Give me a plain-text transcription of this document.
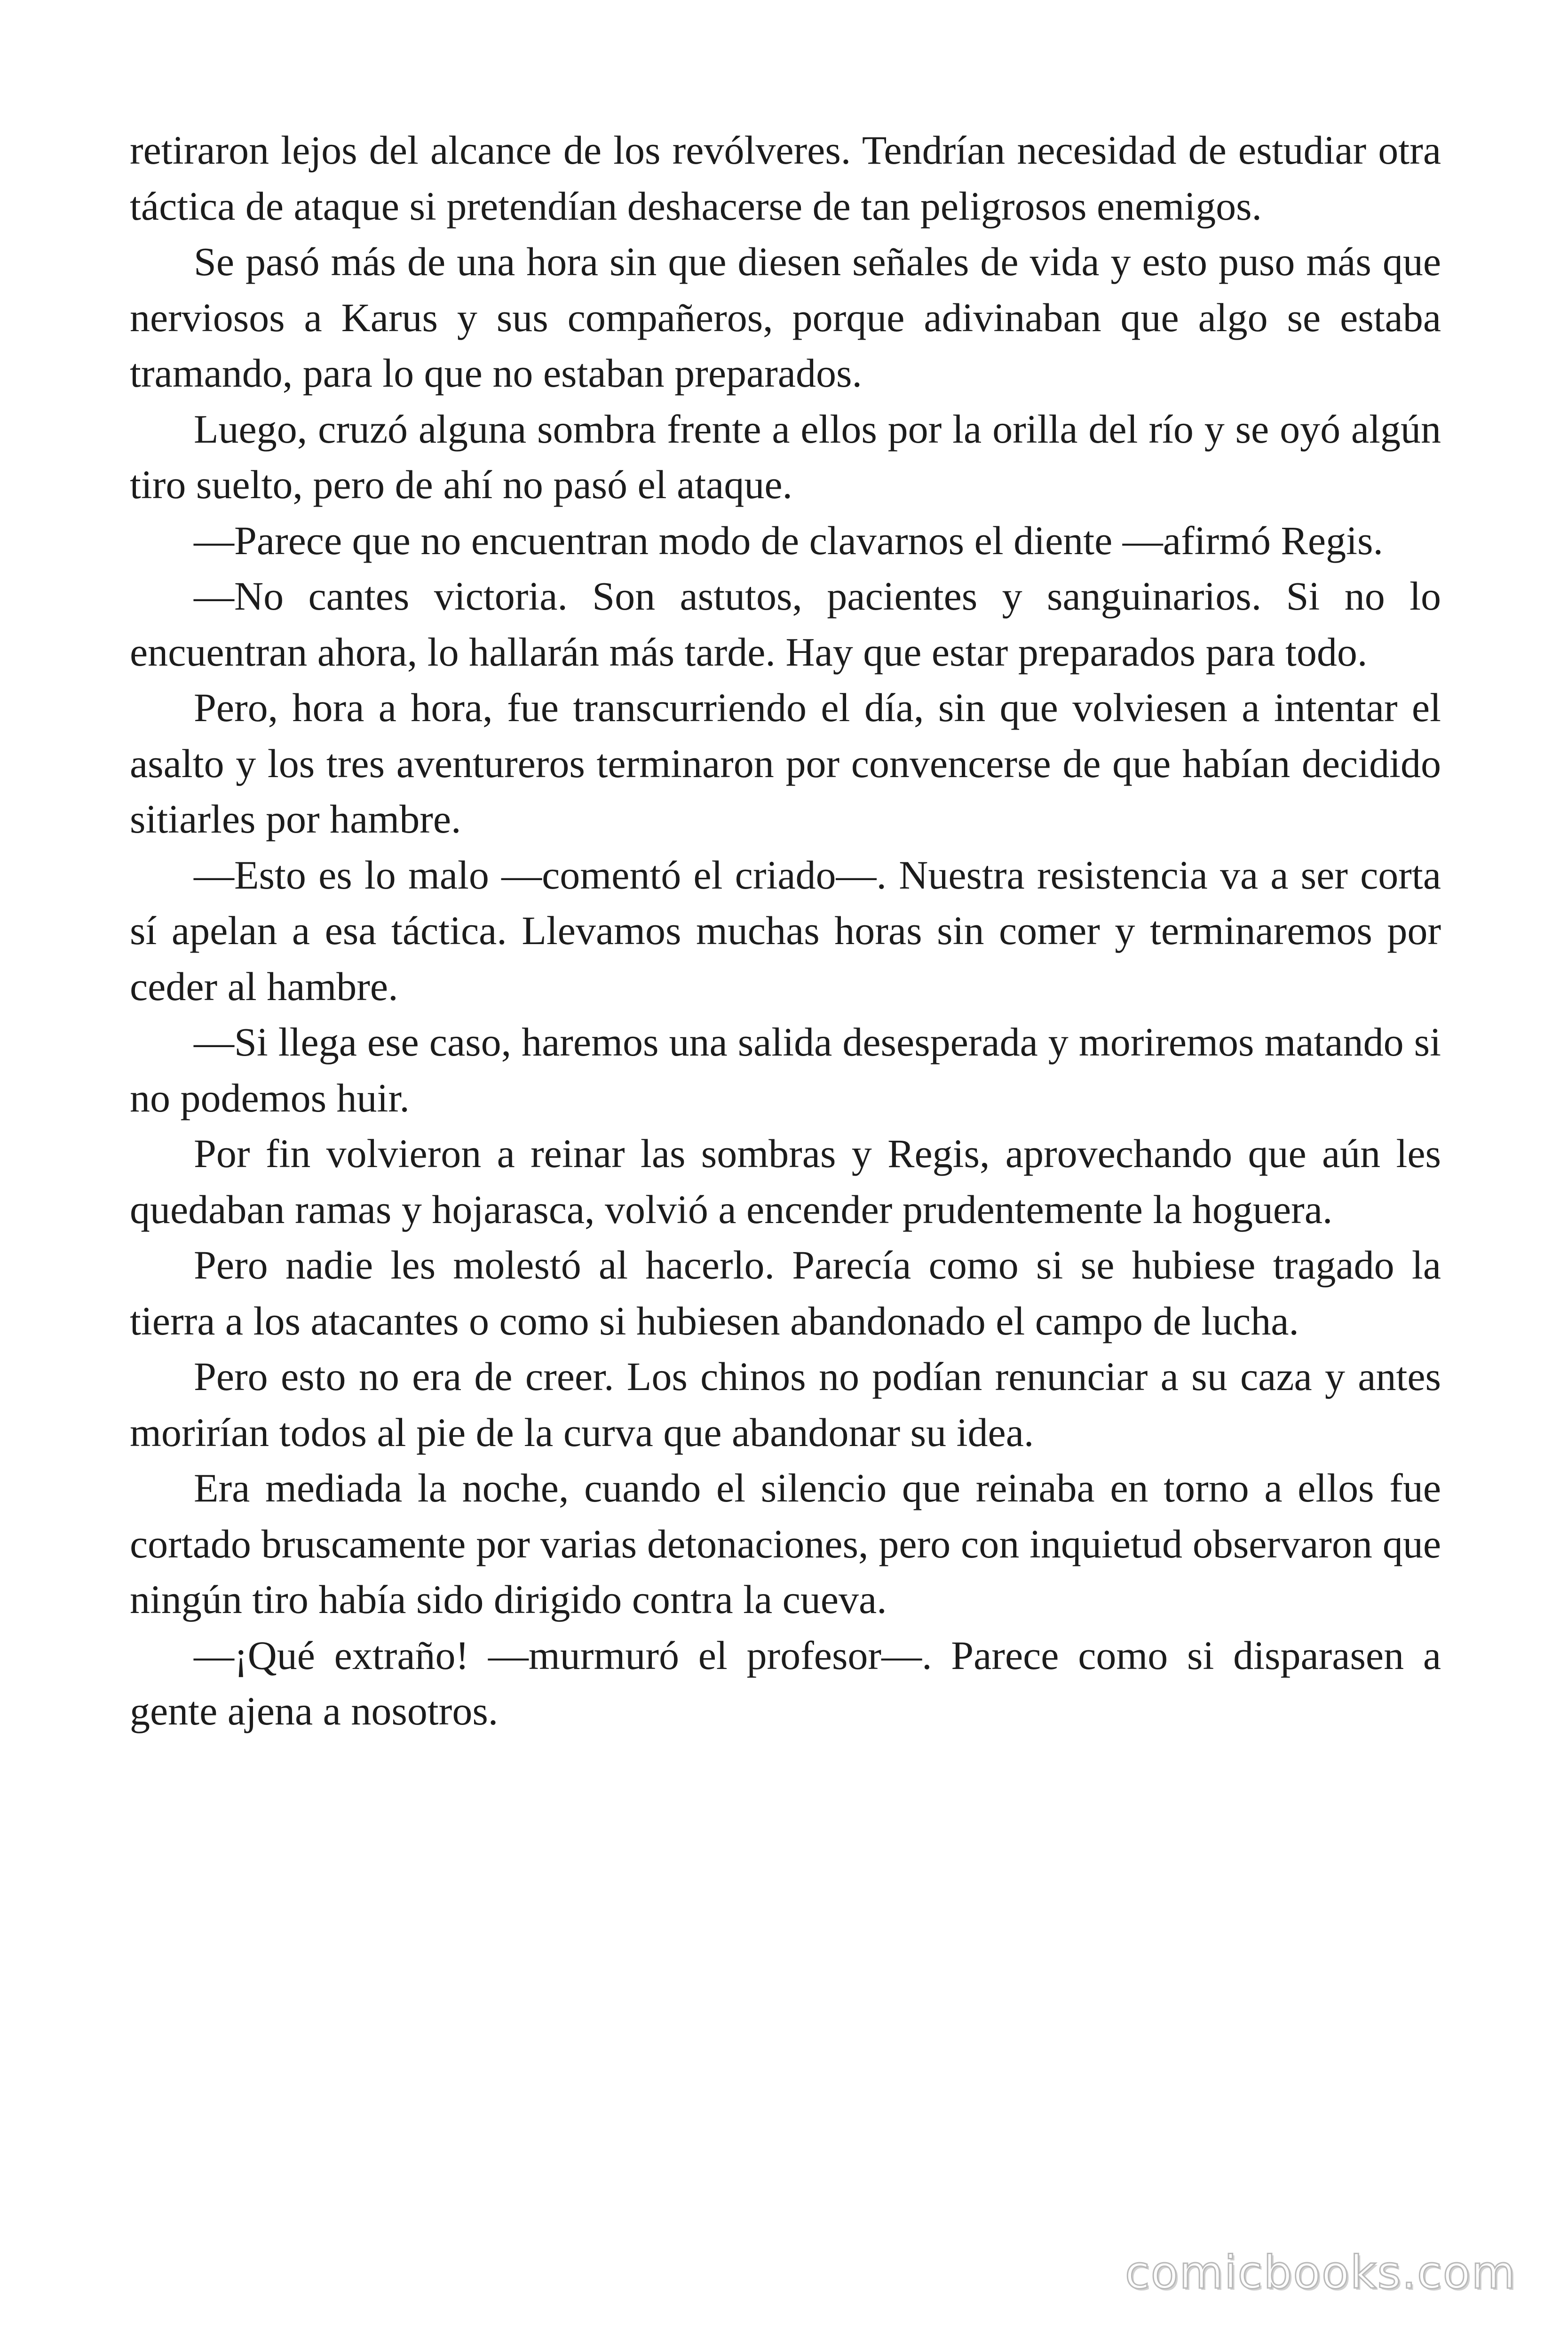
retiraron lejos del alcance de los revólveres. Tendrían necesidad de estudiar otra táctica de ataque si pretendían deshacerse de tan peligrosos enemigos.

Se pasó más de una hora sin que diesen señales de vida y esto puso más que nerviosos a Karus y sus compañeros, porque adivinaban que algo se estaba tramando, para lo que no estaban preparados.

Luego, cruzó alguna sombra frente a ellos por la orilla del río y se oyó algún tiro suelto, pero de ahí no pasó el ataque.

—Parece que no encuentran modo de clavarnos el diente —afirmó Regis.

—No cantes victoria. Son astutos, pacientes y sanguinarios. Si no lo encuentran ahora, lo hallarán más tarde. Hay que estar preparados para todo.

Pero, hora a hora, fue transcurriendo el día, sin que volviesen a intentar el asalto y los tres aventureros terminaron por convencerse de que habían decidido sitiarles por hambre.

—Esto es lo malo —comentó el criado—. Nuestra resistencia va a ser corta sí apelan a esa táctica. Llevamos muchas horas sin comer y terminaremos por ceder al hambre.

—Si llega ese caso, haremos una salida desesperada y moriremos matando si no podemos huir.

Por fin volvieron a reinar las sombras y Regis, aprovechando que aún les quedaban ramas y hojarasca, volvió a encender prudentemente la hoguera.

Pero nadie les molestó al hacerlo. Parecía como si se hubiese tragado la tierra a los atacantes o como si hubiesen abandonado el campo de lucha.

Pero esto no era de creer. Los chinos no podían renunciar a su caza y antes morirían todos al pie de la curva que abandonar su idea.

Era mediada la noche, cuando el silencio que reinaba en torno a ellos fue cortado bruscamente por varias detonaciones, pero con inquietud observaron que ningún tiro había sido dirigido contra la cueva.

—¡Qué extraño! —murmuró el profesor—. Parece como si disparasen a gente ajena a nosotros.

comicbooks.com
